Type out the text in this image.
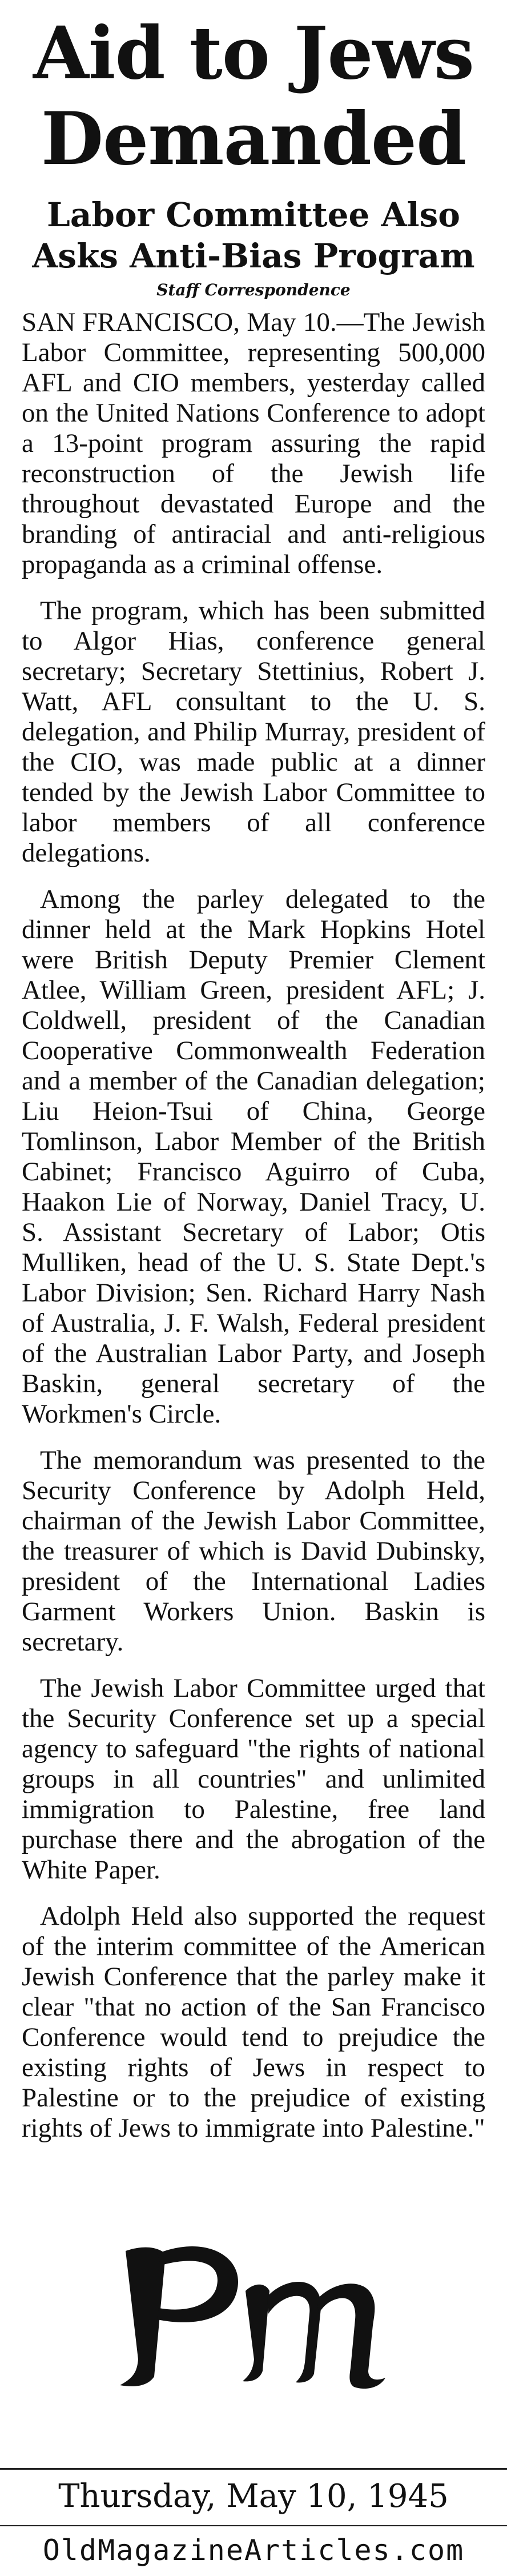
Aid to Jews
Demanded
Labor Committee Also
Asks Anti-Bias Program
Staff Correspondence

SAN FRANCISCO, May 10.—The Jewish Labor Committee, representing 500,000 AFL and CIO members, yesterday called on the United Nations Conference to adopt a 13-point program assuring the rapid reconstruction of the Jewish life throughout devastated Europe and the branding of antiracial and anti-religious propaganda as a criminal offense.

The program, which has been submitted to Algor Hias, conference general secretary; Secretary Stettinius, Robert J. Watt, AFL consultant to the U. S. delegation, and Philip Murray, president of the CIO, was made public at a dinner tended by the Jewish Labor Committee to labor members of all conference delegations.

Among the parley delegated to the dinner held at the Mark Hopkins Hotel were British Deputy Premier Clement Atlee, William Green, president AFL; J. Coldwell, president of the Canadian Cooperative Commonwealth Federation and a member of the Canadian delegation; Liu Heion-Tsui of China, George Tomlinson, Labor Member of the British Cabinet; Francisco Aguirro of Cuba, Haakon Lie of Norway, Daniel Tracy, U. S. Assistant Secretary of Labor; Otis Mulliken, head of the U. S. State Dept.'s Labor Division; Sen. Richard Harry Nash of Australia, J. F. Walsh, Federal president of the Australian Labor Party, and Joseph Baskin, general secretary of the Workmen's Circle.

The memorandum was presented to the Security Conference by Adolph Held, chairman of the Jewish Labor Committee, the treasurer of which is David Dubinsky, president of the International Ladies Garment Workers Union. Baskin is secretary.

The Jewish Labor Committee urged that the Security Conference set up a special agency to safeguard "the rights of national groups in all countries" and unlimited immigration to Palestine, free land purchase there and the abrogation of the White Paper.

Adolph Held also supported the request of the interim committee of the American Jewish Conference that the parley make it clear "that no action of the San Francisco Conference would tend to prejudice the existing rights of Jews in respect to Palestine or to the prejudice of existing rights of Jews to immigrate into Palestine."

Thursday, May 10, 1945
OldMagazineArticles.com
